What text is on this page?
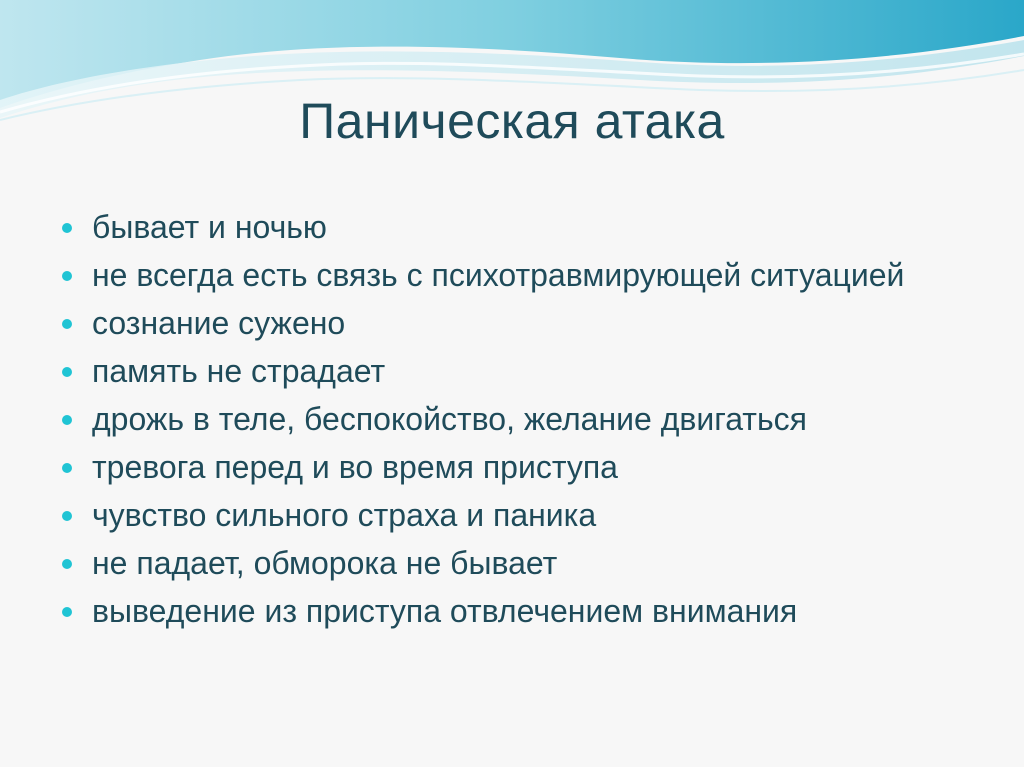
Паническая атака
бывает и ночью
не всегда есть связь с психотравмирующей ситуацией
сознание сужено
память не страдает
дрожь в теле, беспокойство, желание двигаться
тревога перед и во время приступа
чувство сильного страха и паника
не падает, обморока не бывает
выведение из приступа отвлечением внимания
